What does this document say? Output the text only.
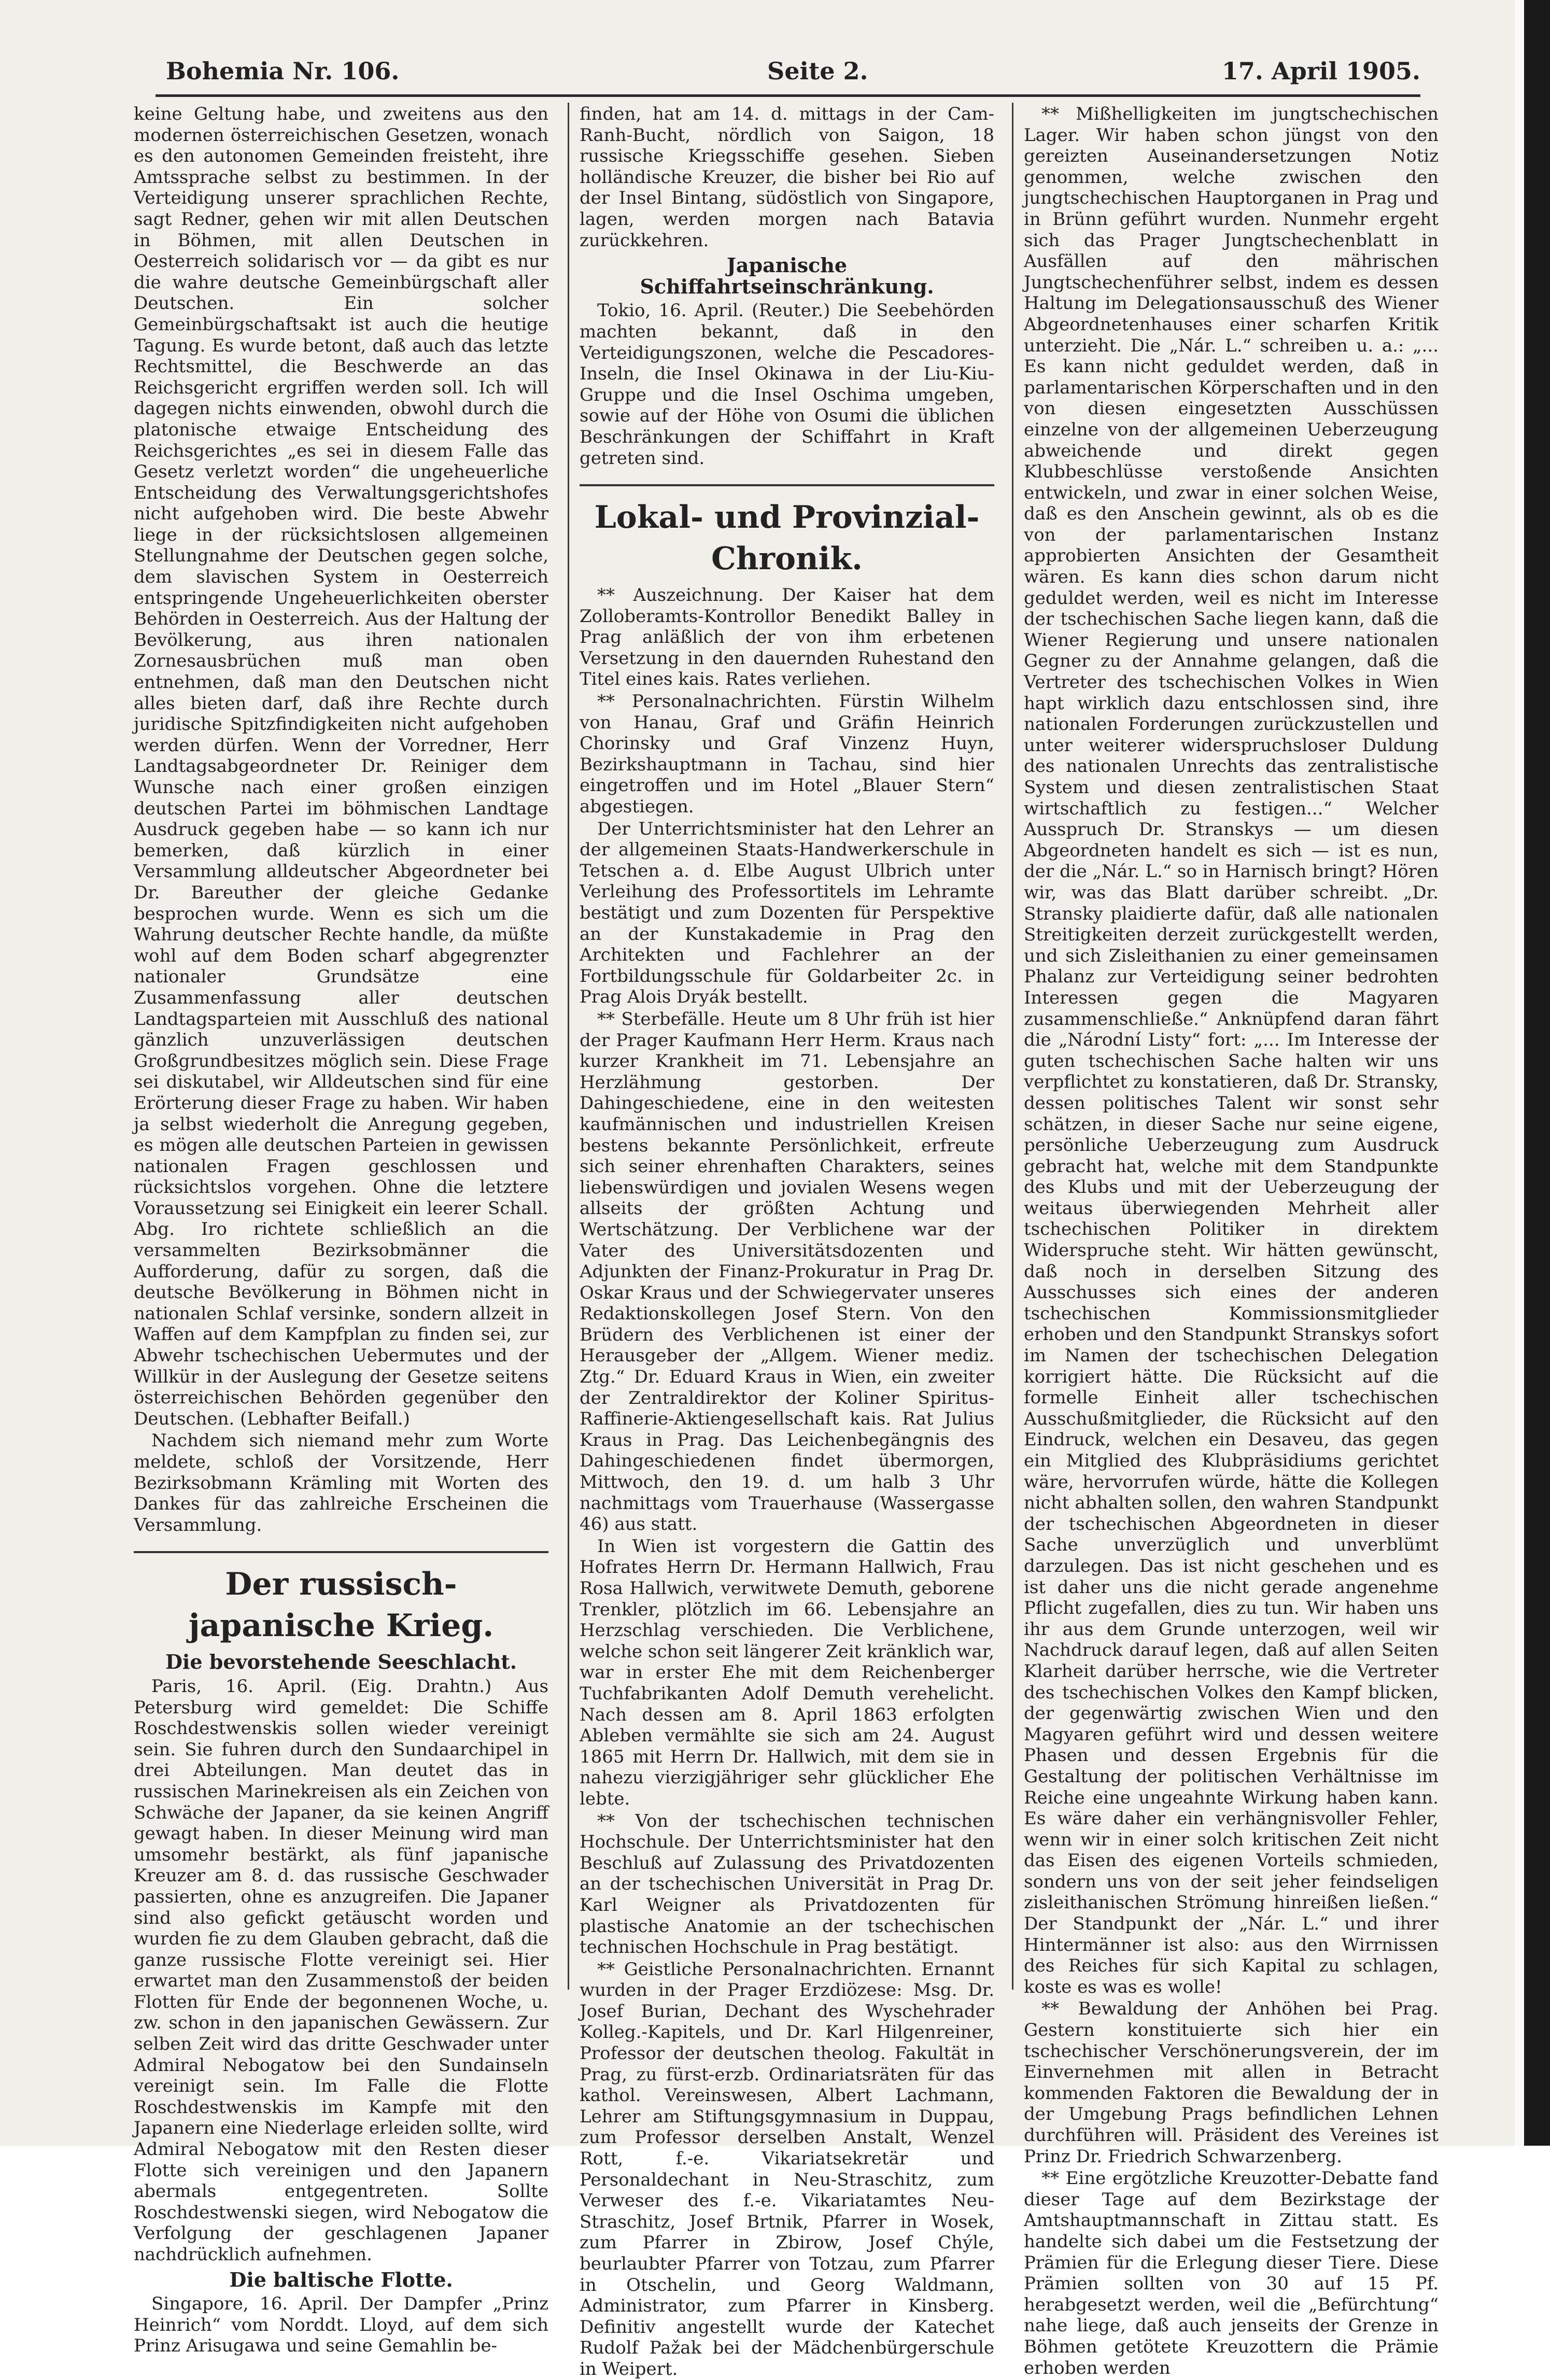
Bohemia Nr. 106.	Seite 2.	17. April 1905.

keine Geltung habe, und zweitens aus den modernen österreichischen Gesetzen, wonach es den autonomen Gemeinden freisteht, ihre Amtssprache selbst zu bestimmen. In der Verteidigung unserer sprachlichen Rechte, sagt Redner, gehen wir mit allen Deutschen in Böhmen, mit allen Deutschen in Oesterreich solidarisch vor — da gibt es nur die wahre deutsche Gemeinbürgschaft aller Deutschen. Ein solcher Gemeinbürgschaftsakt ist auch die heutige Tagung. Es wurde betont, daß auch das letzte Rechtsmittel, die Beschwerde an das Reichsgericht ergriffen werden soll. Ich will dagegen nichts einwenden, obwohl durch die platonische etwaige Entscheidung des Reichsgerichtes „es sei in diesem Falle das Gesetz verletzt worden“ die ungeheuerliche Entscheidung des Verwaltungsgerichtshofes nicht aufgehoben wird. Die beste Abwehr liege in der rücksichtslosen allgemeinen Stellungnahme der Deutschen gegen solche, dem slavischen System in Oesterreich entspringende Ungeheuerlichkeiten oberster Behörden in Oesterreich. Aus der Haltung der Bevölkerung, aus ihren nationalen Zornesausbrüchen muß man oben entnehmen, daß man den Deutschen nicht alles bieten darf, daß ihre Rechte durch juridische Spitzfindigkeiten nicht aufgehoben werden dürfen. Wenn der Vorredner, Herr Landtagsabgeordneter Dr. Reiniger dem Wunsche nach einer großen einzigen deutschen Partei im böhmischen Landtage Ausdruck gegeben habe — so kann ich nur bemerken, daß kürzlich in einer Versammlung alldeutscher Abgeordneter bei Dr. Bareuther der gleiche Gedanke besprochen wurde. Wenn es sich um die Wahrung deutscher Rechte handle, da müßte wohl auf dem Boden scharf abgegrenzter nationaler Grundsätze eine Zusammenfassung aller deutschen Landtagsparteien mit Ausschluß des national gänzlich unzuverlässigen deutschen Großgrundbesitzes möglich sein. Diese Frage sei diskutabel, wir Alldeutschen sind für eine Erörterung dieser Frage zu haben. Wir haben ja selbst wiederholt die Anregung gegeben, es mögen alle deutschen Parteien in gewissen nationalen Fragen geschlossen und rücksichtslos vorgehen. Ohne die letztere Voraussetzung sei Einigkeit ein leerer Schall. Abg. Iro richtete schließlich an die versammelten Bezirksobmänner die Aufforderung, dafür zu sorgen, daß die deutsche Bevölkerung in Böhmen nicht in nationalen Schlaf versinke, sondern allzeit in Waffen auf dem Kampfplan zu finden sei, zur Abwehr tschechischen Uebermutes und der Willkür in der Auslegung der Gesetze seitens österreichischen Behörden gegenüber den Deutschen. (Lebhafter Beifall.)

Nachdem sich niemand mehr zum Worte meldete, schloß der Vorsitzende, Herr Bezirksobmann Krämling mit Worten des Dankes für das zahlreiche Erscheinen die Versammlung.

Der russisch-japanische Krieg.
Die bevorstehende Seeschlacht.

Paris, 16. April. (Eig. Drahtn.) Aus Petersburg wird gemeldet: Die Schiffe Roschdestwenskis sollen wieder vereinigt sein. Sie fuhren durch den Sundaarchipel in drei Abteilungen. Man deutet das in russischen Marinekreisen als ein Zeichen von Schwäche der Japaner, da sie keinen Angriff gewagt haben. In dieser Meinung wird man umsomehr bestärkt, als fünf japanische Kreuzer am 8. d. das russische Geschwader passierten, ohne es anzugreifen. Die Japaner sind also gefickt getäuscht worden und wurden fie zu dem Glauben gebracht, daß die ganze russische Flotte vereinigt sei. Hier erwartet man den Zusammenstoß der beiden Flotten für Ende der begonnenen Woche, u. zw. schon in den japanischen Gewässern. Zur selben Zeit wird das dritte Geschwader unter Admiral Nebogatow bei den Sundainseln vereinigt sein. Im Falle die Flotte Roschdestwenskis im Kampfe mit den Japanern eine Niederlage erleiden sollte, wird Admiral Nebogatow mit den Resten dieser Flotte sich vereinigen und den Japanern abermals entgegentreten. Sollte Roschdestwenski siegen, wird Nebogatow die Verfolgung der geschlagenen Japaner nachdrücklich aufnehmen.

Die baltische Flotte.

Singapore, 16. April. Der Dampfer „Prinz Heinrich“ vom Norddt. Lloyd, auf dem sich Prinz Arisugawa und seine Gemahlin be-

finden, hat am 14. d. mittags in der Cam-Ranh-Bucht, nördlich von Saigon, 18 russische Kriegsschiffe gesehen. Sieben holländische Kreuzer, die bisher bei Rio auf der Insel Bintang, südöstlich von Singapore, lagen, werden morgen nach Batavia zurückkehren.

Japanische Schiffahrtseinschränkung.

Tokio, 16. April. (Reuter.) Die Seebehörden machten bekannt, daß in den Verteidigungszonen, welche die Pescadores-Inseln, die Insel Okinawa in der Liu-Kiu-Gruppe und die Insel Oschima umgeben, sowie auf der Höhe von Osumi die üblichen Beschränkungen der Schiffahrt in Kraft getreten sind.

Lokal- und Provinzial-Chronik.

** Auszeichnung. Der Kaiser hat dem Zolloberamts-Kontrollor Benedikt Balley in Prag anläßlich der von ihm erbetenen Versetzung in den dauernden Ruhestand den Titel eines kais. Rates verliehen.

** Personalnachrichten. Fürstin Wilhelm von Hanau, Graf und Gräfin Heinrich Chorinsky und Graf Vinzenz Huyn, Bezirkshauptmann in Tachau, sind hier eingetroffen und im Hotel „Blauer Stern“ abgestiegen.

Der Unterrichtsminister hat den Lehrer an der allgemeinen Staats-Handwerkerschule in Tetschen a. d. Elbe August Ulbrich unter Verleihung des Professortitels im Lehramte bestätigt und zum Dozenten für Perspektive an der Kunstakademie in Prag den Architekten und Fachlehrer an der Fortbildungsschule für Goldarbeiter 2c. in Prag Alois Dryák bestellt.

** Sterbefälle. Heute um 8 Uhr früh ist hier der Prager Kaufmann Herr Herm. Kraus nach kurzer Krankheit im 71. Lebensjahre an Herzlähmung gestorben. Der Dahingeschiedene, eine in den weitesten kaufmännischen und industriellen Kreisen bestens bekannte Persönlichkeit, erfreute sich seiner ehrenhaften Charakters, seines liebenswürdigen und jovialen Wesens wegen allseits der größten Achtung und Wertschätzung. Der Verblichene war der Vater des Universitätsdozenten und Adjunkten der Finanz-Prokuratur in Prag Dr. Oskar Kraus und der Schwiegervater unseres Redaktionskollegen Josef Stern. Von den Brüdern des Verblichenen ist einer der Herausgeber der „Allgem. Wiener mediz. Ztg.“ Dr. Eduard Kraus in Wien, ein zweiter der Zentraldirektor der Koliner Spiritus-Raffinerie-Aktiengesellschaft kais. Rat Julius Kraus in Prag. Das Leichenbegängnis des Dahingeschiedenen findet übermorgen, Mittwoch, den 19. d. um halb 3 Uhr nachmittags vom Trauerhause (Wassergasse 46) aus statt.

In Wien ist vorgestern die Gattin des Hofrates Herrn Dr. Hermann Hallwich, Frau Rosa Hallwich, verwitwete Demuth, geborene Trenkler, plötzlich im 66. Lebensjahre an Herzschlag verschieden. Die Verblichene, welche schon seit längerer Zeit kränklich war, war in erster Ehe mit dem Reichenberger Tuchfabrikanten Adolf Demuth verehelicht. Nach dessen am 8. April 1863 erfolgten Ableben vermählte sie sich am 24. August 1865 mit Herrn Dr. Hallwich, mit dem sie in nahezu vierzigjähriger sehr glücklicher Ehe lebte.

** Von der tschechischen technischen Hochschule. Der Unterrichtsminister hat den Beschluß auf Zulassung des Privatdozenten an der tschechischen Universität in Prag Dr. Karl Weigner als Privatdozenten für plastische Anatomie an der tschechischen technischen Hochschule in Prag bestätigt.

** Geistliche Personalnachrichten. Ernannt wurden in der Prager Erzdiözese: Msg. Dr. Josef Burian, Dechant des Wyschehrader Kolleg.-Kapitels, und Dr. Karl Hilgenreiner, Professor der deutschen theolog. Fakultät in Prag, zu fürst-erzb. Ordinariatsräten für das kathol. Vereinswesen, Albert Lachmann, Lehrer am Stiftungsgymnasium in Duppau, zum Professor derselben Anstalt, Wenzel Rott, f.-e. Vikariatsekretär und Personaldechant in Neu-Straschitz, zum Verweser des f.-e. Vikariatamtes Neu-Straschitz, Josef Brtnik, Pfarrer in Wosek, zum Pfarrer in Zbirow, Josef Chýle, beurlaubter Pfarrer von Totzau, zum Pfarrer in Otschelin, und Georg Waldmann, Administrator, zum Pfarrer in Kinsberg. Definitiv angestellt wurde der Katechet Rudolf Pažak bei der Mädchenbürgerschule in Weipert.

** Mißhelligkeiten im jungtschechischen Lager. Wir haben schon jüngst von den gereizten Auseinandersetzungen Notiz genommen, welche zwischen den jungtschechischen Hauptorganen in Prag und in Brünn geführt wurden. Nunmehr ergeht sich das Prager Jungtschechenblatt in Ausfällen auf den mährischen Jungtschechenführer selbst, indem es dessen Haltung im Delegationsausschuß des Wiener Abgeordnetenhauses einer scharfen Kritik unterzieht. Die „Nár. L.“ schreiben u. a.: „... Es kann nicht geduldet werden, daß in parlamentarischen Körperschaften und in den von diesen eingesetzten Ausschüssen einzelne von der allgemeinen Ueberzeugung abweichende und direkt gegen Klubbeschlüsse verstoßende Ansichten entwickeln, und zwar in einer solchen Weise, daß es den Anschein gewinnt, als ob es die von der parlamentarischen Instanz approbierten Ansichten der Gesamtheit wären. Es kann dies schon darum nicht geduldet werden, weil es nicht im Interesse der tschechischen Sache liegen kann, daß die Wiener Regierung und unsere nationalen Gegner zu der Annahme gelangen, daß die Vertreter des tschechischen Volkes in Wien hapt wirklich dazu entschlossen sind, ihre nationalen Forderungen zurückzustellen und unter weiterer widerspruchsloser Duldung des nationalen Unrechts das zentralistische System und diesen zentralistischen Staat wirtschaftlich zu festigen...“ Welcher Ausspruch Dr. Stranskys — um diesen Abgeordneten handelt es sich — ist es nun, der die „Nár. L.“ so in Harnisch bringt? Hören wir, was das Blatt darüber schreibt. „Dr. Stransky plaidierte dafür, daß alle nationalen Streitigkeiten derzeit zurückgestellt werden, und sich Zisleithanien zu einer gemeinsamen Phalanz zur Verteidigung seiner bedrohten Interessen gegen die Magyaren zusammenschließe.“ Anknüpfend daran fährt die „Národní Listy“ fort: „... Im Interesse der guten tschechischen Sache halten wir uns verpflichtet zu konstatieren, daß Dr. Stransky, dessen politisches Talent wir sonst sehr schätzen, in dieser Sache nur seine eigene, persönliche Ueberzeugung zum Ausdruck gebracht hat, welche mit dem Standpunkte des Klubs und mit der Ueberzeugung der weitaus überwiegenden Mehrheit aller tschechischen Politiker in direktem Widerspruche steht. Wir hätten gewünscht, daß noch in derselben Sitzung des Ausschusses sich eines der anderen tschechischen Kommissionsmitglieder erhoben und den Standpunkt Stranskys sofort im Namen der tschechischen Delegation korrigiert hätte. Die Rücksicht auf die formelle Einheit aller tschechischen Ausschußmitglieder, die Rücksicht auf den Eindruck, welchen ein Desaveu, das gegen ein Mitglied des Klubpräsidiums gerichtet wäre, hervorrufen würde, hätte die Kollegen nicht abhalten sollen, den wahren Standpunkt der tschechischen Abgeordneten in dieser Sache unverzüglich und unverblümt darzulegen. Das ist nicht geschehen und es ist daher uns die nicht gerade angenehme Pflicht zugefallen, dies zu tun. Wir haben uns ihr aus dem Grunde unterzogen, weil wir Nachdruck darauf legen, daß auf allen Seiten Klarheit darüber herrsche, wie die Vertreter des tschechischen Volkes den Kampf blicken, der gegenwärtig zwischen Wien und den Magyaren geführt wird und dessen weitere Phasen und dessen Ergebnis für die Gestaltung der politischen Verhältnisse im Reiche eine ungeahnte Wirkung haben kann. Es wäre daher ein verhängnisvoller Fehler, wenn wir in einer solch kritischen Zeit nicht das Eisen des eigenen Vorteils schmieden, sondern uns von der seit jeher feindseligen zisleithanischen Strömung hinreißen ließen.“ Der Standpunkt der „Nár. L.“ und ihrer Hintermänner ist also: aus den Wirrnissen des Reiches für sich Kapital zu schlagen, koste es was es wolle!

** Bewaldung der Anhöhen bei Prag. Gestern konstituierte sich hier ein tschechischer Verschönerungsverein, der im Einvernehmen mit allen in Betracht kommenden Faktoren die Bewaldung der in der Umgebung Prags befindlichen Lehnen durchführen will. Präsident des Vereines ist Prinz Dr. Friedrich Schwarzenberg.

** Eine ergötzliche Kreuzotter-Debatte fand dieser Tage auf dem Bezirkstage der Amtshauptmannschaft in Zittau statt. Es handelte sich dabei um die Festsetzung der Prämien für die Erlegung dieser Tiere. Diese Prämien sollten von 30 auf 15 Pf. herabgesetzt werden, weil die „Befürchtung“ nahe liege, daß auch jenseits der Grenze in Böhmen getötete Kreuzottern die Prämie erhoben werden
